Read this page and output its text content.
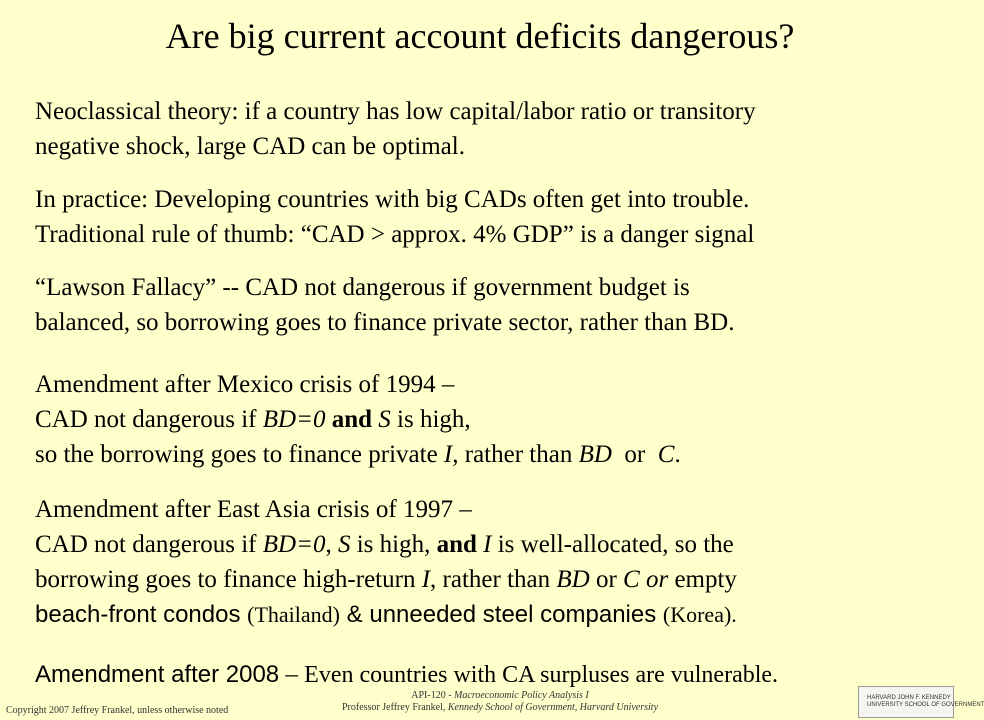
Are big current account deficits dangerous?
Neoclassical theory: if a country has low capital/labor ratio or transitory
negative shock, large CAD can be optimal.
In practice: Developing countries with big CADs often get into trouble.
Traditional rule of thumb: “CAD > approx. 4% GDP” is a danger signal
“Lawson Fallacy” -- CAD not dangerous if government budget is
balanced, so borrowing goes to finance private sector, rather than BD.
Amendment after Mexico crisis of 1994 –
CAD not dangerous if BD=0 and S is high,
so the borrowing goes to finance private I, rather than BD  or  C.
Amendment after East Asia crisis of 1997 –
CAD not dangerous if BD=0, S is high, and I is well-allocated, so the
borrowing goes to finance high-return I, rather than BD or C or empty
beach-front condos (Thailand) & unneeded steel companies (Korea).
Amendment after 2008 – Even countries with CA surpluses are vulnerable.
Copyright 2007 Jeffrey Frankel, unless otherwise noted
API-120 - Macroeconomic Policy Analysis I
Professor Jeffrey Frankel, Kennedy School of Government, Harvard University
HARVARD JOHN F. KENNEDY
UNIVERSITY SCHOOL OF GOVERNMENT
